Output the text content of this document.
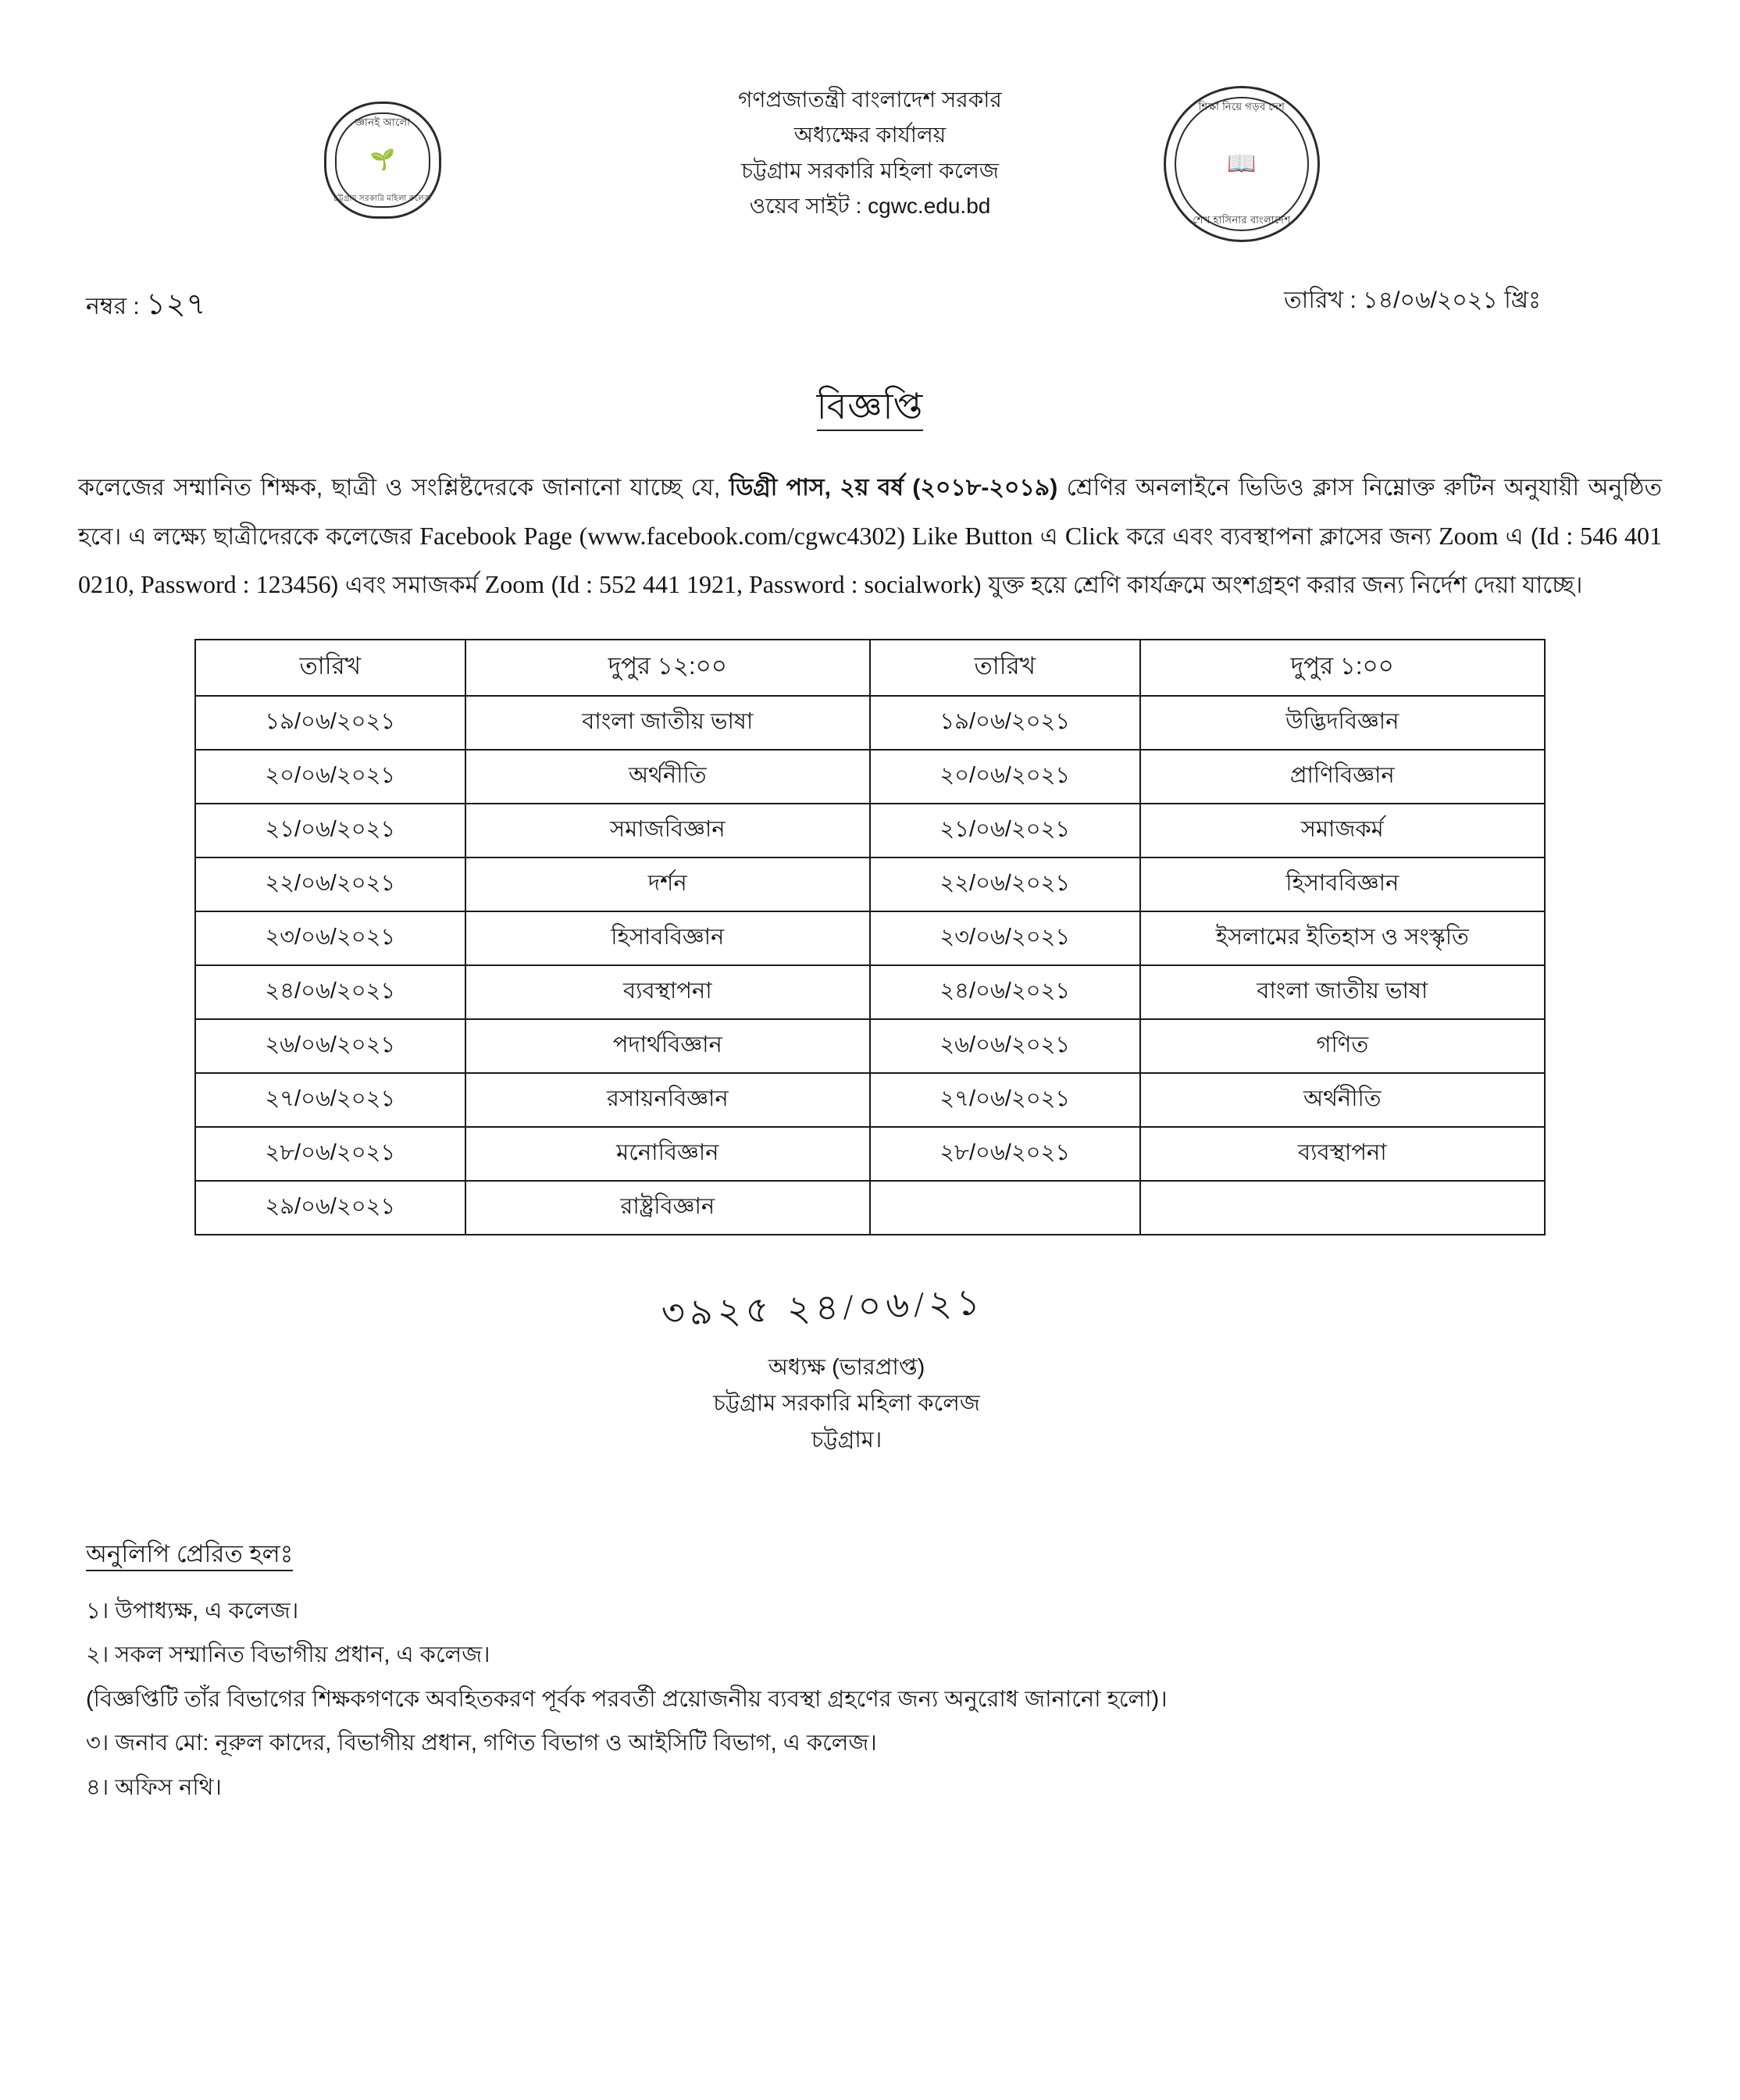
জ্ঞানই আলো
🌱
চট্টগ্রাম সরকারি মহিলা কলেজ
শিক্ষা নিয়ে গড়ব দেশ
📖
শেখ হাসিনার বাংলাদেশ
গণপ্রজাতন্ত্রী বাংলাদেশ সরকার
অধ্যক্ষের কার্যালয়
চট্টগ্রাম সরকারি মহিলা কলেজ
ওয়েব সাইট : cgwc.edu.bd
নম্বর : ১২৭	তারিখ : ১৪/০৬/২০২১ খ্রিঃ
বিজ্ঞপ্তি
কলেজের সম্মানিত শিক্ষক, ছাত্রী ও সংশ্লিষ্টদেরকে জানানো যাচ্ছে যে, ডিগ্রী পাস, ২য় বর্ষ (২০১৮-২০১৯) শ্রেণির অনলাইনে ভিডিও ক্লাস নিম্নোক্ত রুটিন অনুযায়ী অনুষ্ঠিত হবে। এ লক্ষ্যে ছাত্রীদেরকে কলেজের Facebook Page (www.facebook.com/cgwc4302) Like Button এ Click করে এবং ব্যবস্থাপনা ক্লাসের জন্য Zoom এ (Id : 546 401 0210, Password : 123456) এবং সমাজকর্ম Zoom (Id : 552 441 1921, Password : socialwork) যুক্ত হয়ে শ্রেণি কার্যক্রমে অংশগ্রহণ করার জন্য নির্দেশ দেয়া যাচ্ছে।
তারিখ	দুপুর ১২:০০	তারিখ	দুপুর ১:০০
১৯/০৬/২০২১	বাংলা জাতীয় ভাষা	১৯/০৬/২০২১	উদ্ভিদবিজ্ঞান
২০/০৬/২০২১	অর্থনীতি	২০/০৬/২০২১	প্রাণিবিজ্ঞান
২১/০৬/২০২১	সমাজবিজ্ঞান	২১/০৬/২০২১	সমাজকর্ম
২২/০৬/২০২১	দর্শন	২২/০৬/২০২১	হিসাববিজ্ঞান
২৩/০৬/২০২১	হিসাববিজ্ঞান	২৩/০৬/২০২১	ইসলামের ইতিহাস ও সংস্কৃতি
২৪/০৬/২০২১	ব্যবস্থাপনা	২৪/০৬/২০২১	বাংলা জাতীয় ভাষা
২৬/০৬/২০২১	পদার্থবিজ্ঞান	২৬/০৬/২০২১	গণিত
২৭/০৬/২০২১	রসায়নবিজ্ঞান	২৭/০৬/২০২১	অর্থনীতি
২৮/০৬/২০২১	মনোবিজ্ঞান	২৮/০৬/২০২১	ব্যবস্থাপনা
২৯/০৬/২০২১	রাষ্ট্রবিজ্ঞান		
৩৯২৫ ২৪/০৬/২১
অধ্যক্ষ (ভারপ্রাপ্ত)
চট্টগ্রাম সরকারি মহিলা কলেজ
চট্টগ্রাম।
অনুলিপি প্রেরিত হলঃ
১। উপাধ্যক্ষ, এ কলেজ।
২। সকল সম্মানিত বিভাগীয় প্রধান, এ কলেজ।
(বিজ্ঞপ্তিটি তাঁর বিভাগের শিক্ষকগণকে অবহিতকরণ পূর্বক পরবর্তী প্রয়োজনীয় ব্যবস্থা গ্রহণের জন্য অনুরোধ জানানো হলো)।
৩। জনাব মো: নূরুল কাদের, বিভাগীয় প্রধান, গণিত বিভাগ ও আইসিটি বিভাগ, এ কলেজ।
৪। অফিস নথি।
